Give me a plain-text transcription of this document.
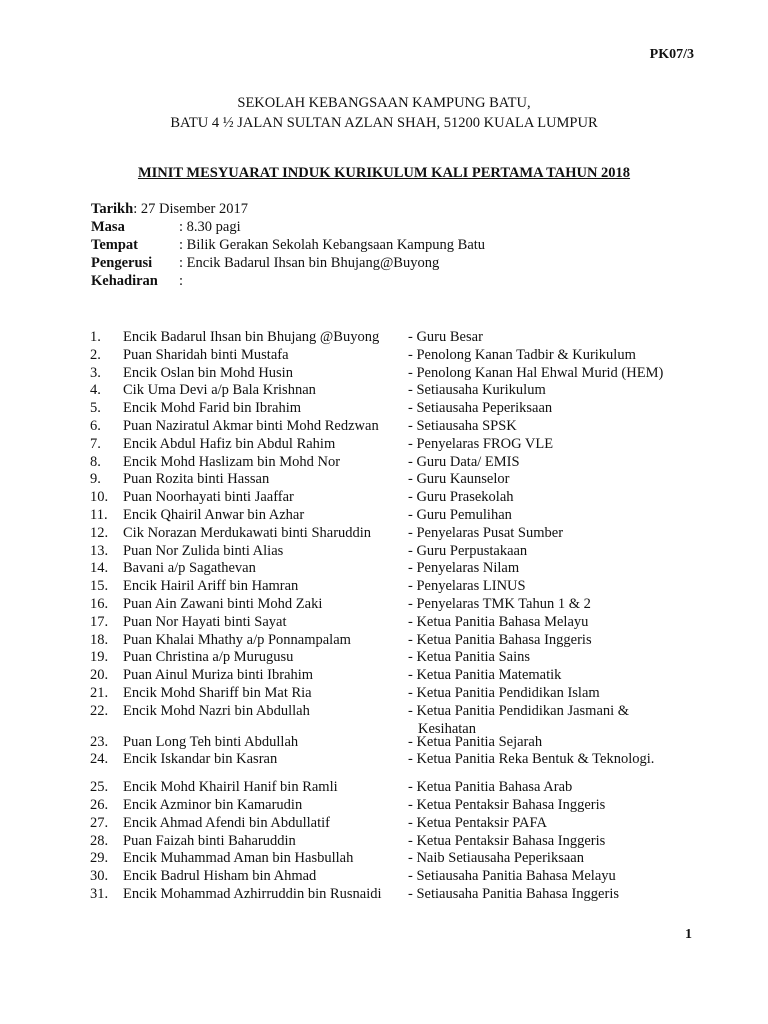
PK07/3
SEKOLAH KEBANGSAAN KAMPUNG BATU,
BATU 4 ½ JALAN SULTAN AZLAN SHAH, 51200 KUALA LUMPUR
MINIT MESYUARAT INDUK KURIKULUM KALI PERTAMA TAHUN 2018
Tarikh: 27 Disember 2017
Masa	: 8.30 pagi
Tempat	: Bilik Gerakan Sekolah Kebangsaan Kampung Batu
Pengerusi : Encik Badarul Ihsan bin Bhujang@Buyong
Kehadiran :
1. Encik Badarul Ihsan bin Bhujang @Buyong - Guru Besar
2. Puan Sharidah binti Mustafa	- Penolong Kanan Tadbir & Kurikulum
3. Encik Oslan bin Mohd Husin	- Penolong Kanan Hal Ehwal Murid (HEM)
4. Cik Uma Devi a/p Bala Krishnan	- Setiausaha Kurikulum
5. Encik Mohd Farid bin Ibrahim	- Setiausaha Peperiksaan
6. Puan Naziratul Akmar binti Mohd Redzwan - Setiausaha SPSK
7. Encik Abdul Hafiz bin Abdul Rahim	- Penyelaras FROG VLE
8. Encik Mohd Haslizam bin Mohd Nor	- Guru Data/ EMIS
9. Puan Rozita binti Hassan	- Guru Kaunselor
10. Puan Noorhayati binti Jaaffar	- Guru Prasekolah
11. Encik Qhairil Anwar bin Azhar	- Guru Pemulihan
12. Cik Norazan Merdukawati binti Sharuddin	- Penyelaras Pusat Sumber
13. Puan Nor Zulida binti Alias	- Guru Perpustakaan
14. Bavani a/p Sagathevan	- Penyelaras Nilam
15. Encik Hairil Ariff bin Hamran	- Penyelaras LINUS
16. Puan Ain Zawani binti Mohd Zaki	- Penyelaras TMK Tahun 1 & 2
17. Puan Nor Hayati binti Sayat	- Ketua Panitia Bahasa Melayu
18. Puan Khalai Mhathy a/p Ponnampalam	- Ketua Panitia Bahasa Inggeris
19. Puan Christina a/p Murugusu	- Ketua Panitia Sains
20. Puan Ainul Muriza binti Ibrahim	- Ketua Panitia Matematik
21. Encik Mohd Shariff bin Mat Ria	- Ketua Panitia Pendidikan Islam
22. Encik Mohd Nazri bin Abdullah	- Ketua Panitia Pendidikan Jasmani &
Kesihatan
23. Puan Long Teh binti Abdullah	- Ketua Panitia Sejarah
24. Encik Iskandar bin Kasran	- Ketua Panitia Reka Bentuk & Teknologi.
25. Encik Mohd Khairil Hanif bin Ramli	- Ketua Panitia Bahasa Arab
26. Encik Azminor bin Kamarudin	- Ketua Pentaksir Bahasa Inggeris
27. Encik Ahmad Afendi bin Abdullatif	- Ketua Pentaksir PAFA
28. Puan Faizah binti Baharuddin	- Ketua Pentaksir Bahasa Inggeris
29. Encik Muhammad Aman bin Hasbullah	- Naib Setiausaha Peperiksaan
30. Encik Badrul Hisham bin Ahmad	- Setiausaha Panitia Bahasa Melayu
31. Encik Mohammad Azhirruddin bin Rusnaidi - Setiausaha Panitia Bahasa Inggeris
1
